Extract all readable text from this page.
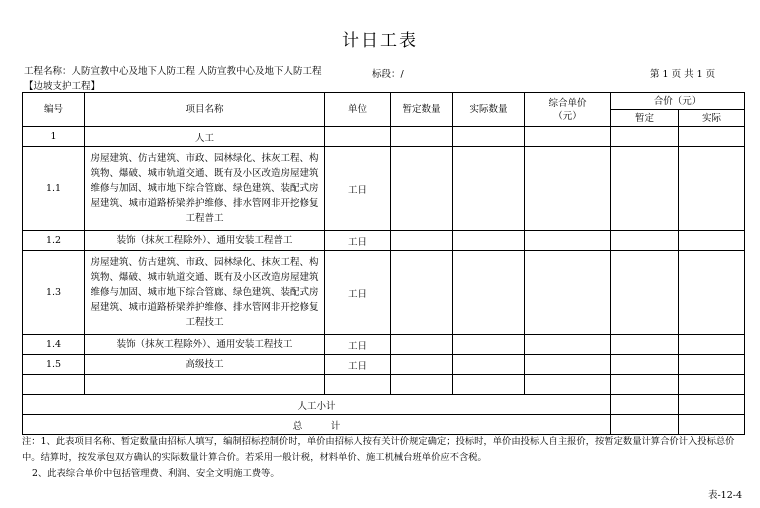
计日工表
工程名称：人防宣教中心及地下人防工程 人防宣教中心及地下人防工程 【边坡支护工程】
标段：/	第 1 页 共 1 页
编号	项目名称	单位	暂定数量	实际数量	综合单价（元）	合价（元）	
						暂定	实际
1	人工						
1.1	房屋建筑、仿古建筑、市政、园林绿化、抹灰工程、构筑物、爆破、城市轨道交通、既有及小区改造房屋建筑维修与加固、城市地下综合管廊、绿色建筑、装配式房屋建筑、城市道路桥梁养护维修、排水管网非开挖修复工程普工	工日					
1.2	装饰（抹灰工程除外）、通用安装工程普工	工日					
1.3	房屋建筑、仿古建筑、市政、园林绿化、抹灰工程、构筑物、爆破、城市轨道交通、既有及小区改造房屋建筑维修与加固、城市地下综合管廊、绿色建筑、装配式房屋建筑、城市道路桥梁养护维修、排水管网非开挖修复工程技工	工日					
1.4	装饰（抹灰工程除外）、通用安装工程技工	工日					
1.5	高级技工	工日					

人工小计							
总　　　计							
注：1、此表项目名称、暂定数量由招标人填写，编制招标控制价时，单价由招标人按有关计价规定确定；投标时，单价由投标人自主报价，按暂定数量计算合价计入投标总价中。结算时，按发承包双方确认的实际数量计算合价。若采用一般计税，材料单价、施工机械台班单价应不含税。
2、此表综合单价中包括管理费、利润、安全文明施工费等。
表-12-4
